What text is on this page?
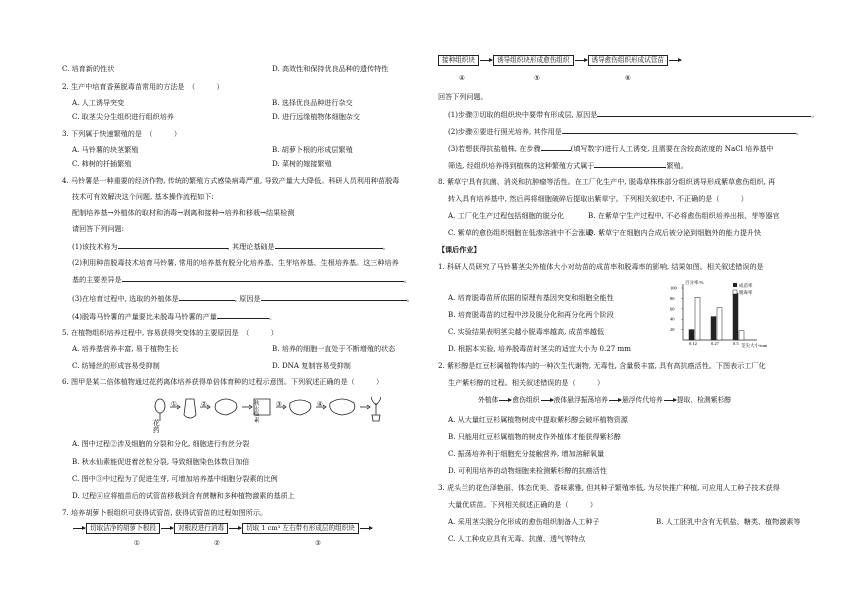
C. 培育新的性状	D. 高效性和保持优良品种的遗传特性
2. 生产中培育香蕉脱毒苗常用的方法是　（　　　）
A. 人工诱导突变	B. 选择优良品种进行杂交
C. 取茎尖分生组织进行组织培养	D. 进行远缘植物体细胞杂交
3. 下列属于快速繁殖的是　（　　　）
A. 马铃薯的块茎繁殖	B. 胡萝卜根的形成层繁殖
C. 柿树的扦插繁殖	D. 菜树的嫁接繁殖
4. 马铃薯是一种重要的经济作物, 传统的繁殖方式感染病毒严重, 导致产量大大降低。科研人员利用种苗脱毒
技术可有效解决这个问题, 基本操作流程如下:
配制培养基→外植体的取材和消毒→剥离和接种→培养和移栽→结果检测
请回答下列问题:
(1)该技术称为	, 其理论基础是	。
(2)利用种苗脱毒技术培育马铃薯, 常用的培养基有脱分化培养基、生芽培养基、生根培养基。这三种培养
基的主要差异是	。
(3)在培育过程中, 选取的外植体是	, 原因是	。
(4)脱毒马铃薯的产量要比未脱毒马铃薯的产量	。
5. 在植物组织培养过程中, 容易获得突变体的主要原因是　（　　　）
A. 培养基营养丰富, 易于植物生长	B. 培养的细胞一直处于不断增殖的状态
C. 纺锤丝的形成容易受抑制	D. DNA 复制容易受抑制
6. 图甲是某二倍体植物通过花药离体培养获得单倍体育种的过程示意图。下列叙述正确的是（　　　）
花药
①	②	秋水仙素
③	④
A. 图中过程②涉及细胞的分裂和分化, 细胞进行有丝分裂
B. 秋水仙素能促进着丝粒分裂, 导致细胞染色体数目加倍
C. 图中③中过程为了促进生芽, 可增加培养基中细胞分裂素的比例
D. 过程④应将植苗后的试管苗移栽到含有蔗糖和多种植物激素的基质上
7. 培养胡萝卜根组织可获得试管苗, 获得试管苗的过程如图所示。
切取洁净的胡萝卜根段	对根段进行消毒	切取 1 cm³ 左右带有形成层的组织块
①	②	③
接种组织块	诱导组织块形成愈伤组织	诱导愈伤组织形成试管苗
④	⑤	⑥
回答下列问题。
(1)步骤③切取的组织块中要带有形成层, 原因是	。
(2)步骤⑥要进行照光培养, 其作用是	。
(3)若想获得抗盐植株, 在步骤	(填写数字)进行人工诱变, 且需要在含较高浓度的 NaCl 培养基中
筛选, 经组织培养得到植株的这种繁殖方式属于	繁殖。
8. 紫草宁具有抗菌、消炎和抗肿瘤等活性。在工厂化生产中, 脱毒草株株部分组织诱导形成紫草愈伤组织, 再
转入具有培养基中, 然后再将细胞破碎后提取出紫草宁。下列相关叙述中, 不正确的是（　　　）
A. 工厂化生产过程包括细胞的脱分化	B. 在紫草宁生产过程中, 不必将愈伤组织培养出根、芽等器官
C. 紫草的愈伤组织细胞在低渗溶液中不会涨破
D. 紫草宁在细胞内合成后被分泌到细胞外的能力提升快
【课后作业】
1. 科研人员研究了马铃薯茎尖外植体大小对幼苗的成苗率和脱毒率的影响, 结果如图。相关叙述错误的是
A. 培育脱毒苗所依据的原理有基因突变和细胞全能性
B. 培育脱毒苗的过程中涉及脱分化和再分化两个阶段
C. 实验结果表明茎尖越小脱毒率越高, 成苗率越低
D. 根据本实验, 培养脱毒苗时茎尖的适宜大小为 0.27 mm
0.12	0.27	0.5
100
80
60
40
20
成苗率
脱毒率
百分率/%
茎尖大小/mm
2. 紫杉醇是红豆杉属植物体内的一种次生代谢物, 无毒性, 含量极丰富, 具有高抗癌活性。下图表示工厂化
生产紫杉醇的过程。相关叙述错误的是（　　　）
外植体 愈伤组织 液体悬浮振荡培养 悬浮传代培养 提取、检测紫杉醇
A. 从大量红豆杉属植物树皮中提取紫杉醇会破坏植物资源
B. 只能用红豆杉属植物的树皮作外植体才能获得紫杉醇
C. 振荡培养利于细胞充分接触营养, 增加溶解氧量
D. 可利用培养的动物细胞来检测紫杉醇的抗癌活性
3. 虎头兰的花色泽艳丽、体态优美、香味素雅, 但其种子繁殖率低, 为尽快推广种植, 可应用人工种子技术获得
大量优质苗。下列相关叙述正确的是（　　　）
A. 采用茎尖脱分化形成的愈伤组织制备人工种子	B. 人工胚乳中含有无机盐、糖类、植物激素等
C. 人工种皮应具有无毒、抗菌、透气等特点
